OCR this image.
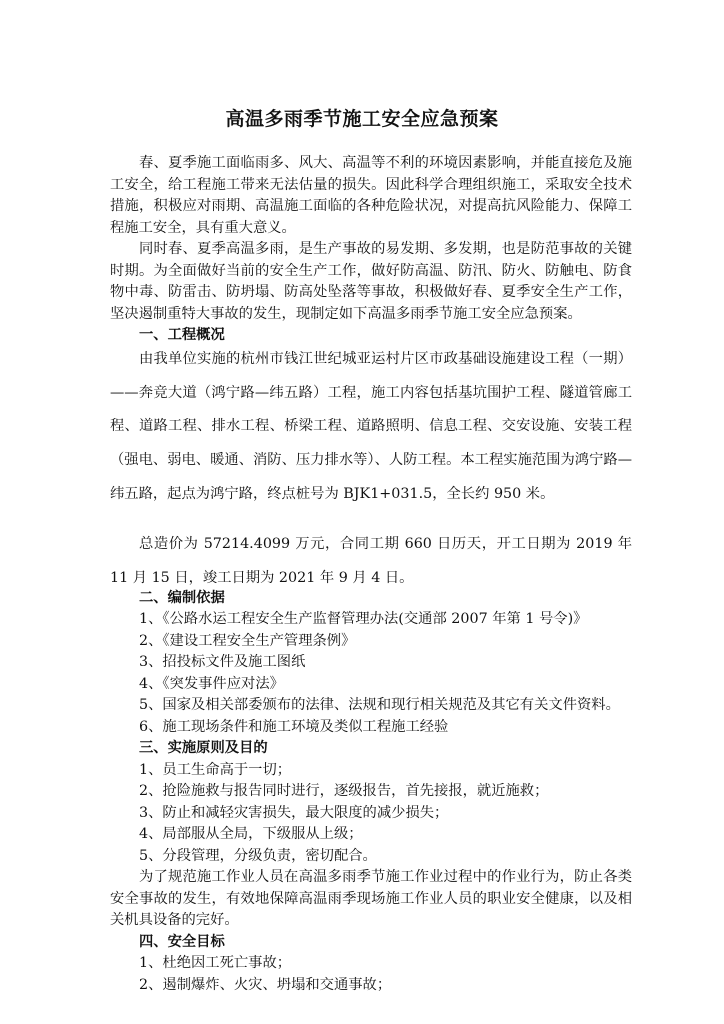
高温多雨季节施工安全应急预案

春、夏季施工面临雨多、风大、高温等不利的环境因素影响，并能直接危及施工安全，给工程施工带来无法估量的损失。因此科学合理组织施工，采取安全技术措施，积极应对雨期、高温施工面临的各种危险状况，对提高抗风险能力、保障工程施工安全，具有重大意义。

同时春、夏季高温多雨，是生产事故的易发期、多发期，也是防范事故的关键时期。为全面做好当前的安全生产工作，做好防高温、防汛、防火、防触电、防食物中毒、防雷击、防坍塌、防高处坠落等事故，积极做好春、夏季安全生产工作，坚决遏制重特大事故的发生，现制定如下高温多雨季节施工安全应急预案。

一、工程概况

由我单位实施的杭州市钱江世纪城亚运村片区市政基础设施建设工程（一期）——奔竞大道（鸿宁路—纬五路）工程，施工内容包括基坑围护工程、隧道管廊工程、道路工程、排水工程、桥梁工程、道路照明、信息工程、交安设施、安装工程（强电、弱电、暖通、消防、压力排水等）、人防工程。本工程实施范围为鸿宁路—纬五路，起点为鸿宁路，终点桩号为 BJK1+031.5，全长约 950 米。

总造价为 57214.4099 万元，合同工期 660 日历天，开工日期为 2019 年 11 月 15 日，竣工日期为 2021 年 9 月 4 日。

二、编制依据

1、《公路水运工程安全生产监督管理办法(交通部 2007 年第 1 号令)》

2、《建设工程安全生产管理条例》

3、招投标文件及施工图纸

4、《突发事件应对法》

5、国家及相关部委颁布的法律、法规和现行相关规范及其它有关文件资料。

6、施工现场条件和施工环境及类似工程施工经验

三、实施原则及目的

1、员工生命高于一切；

2、抢险施救与报告同时进行，逐级报告，首先接报，就近施救；

3、防止和减轻灾害损失，最大限度的减少损失；

4、局部服从全局，下级服从上级；

5、分段管理，分级负责，密切配合。

为了规范施工作业人员在高温多雨季节施工作业过程中的作业行为，防止各类安全事故的发生，有效地保障高温雨季现场施工作业人员的职业安全健康，以及相关机具设备的完好。

四、安全目标

1、杜绝因工死亡事故；

2、遏制爆炸、火灾、坍塌和交通事故；
